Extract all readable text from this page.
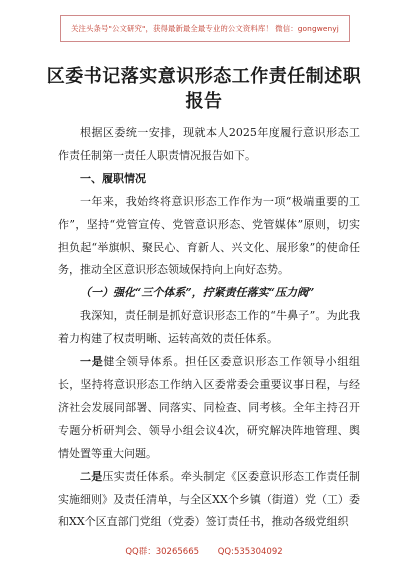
关注头条号"公文研究"，获得最新最全最专业的公文资料库！ 微信：gongwenyj
区委书记落实意识形态工作责任制述职报告

根据区委统一安排，现就本人2025年度履行意识形态工作责任制第一责任人职责情况报告如下。

一、履职情况

一年来，我始终将意识形态工作作为一项“极端重要的工作”，坚持“党管宣传、党管意识形态、党管媒体”原则，切实担负起“举旗帜、聚民心、育新人、兴文化、展形象”的使命任务，推动全区意识形态领域保持向上向好态势。

（一）强化“三个体系”，拧紧责任落实“压力阀”

我深知，责任制是抓好意识形态工作的“牛鼻子”。为此我着力构建了权责明晰、运转高效的责任体系。

一是健全领导体系。担任区委意识形态工作领导小组组长，坚持将意识形态工作纳入区委常委会重要议事日程，与经济社会发展同部署、同落实、同检查、同考核。全年主持召开专题分析研判会、领导小组会议4次，研究解决阵地管理、舆情处置等重大问题。

二是压实责任体系。牵头制定《区委意识形态工作责任制实施细则》及责任清单，与全区XX个乡镇（街道）党（工）委和XX个区直部门党组（党委）签订责任书，推动各级党组织

QQ群：30265665 QQ:535304092
